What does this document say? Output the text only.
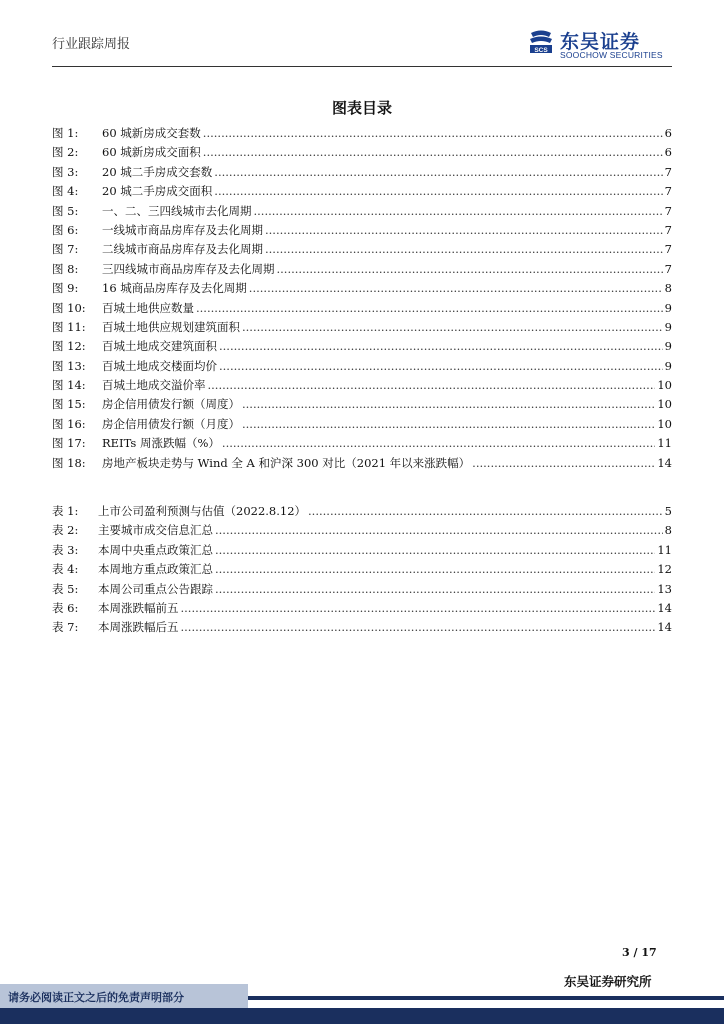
行业跟踪周报	SCS 东吴证券
SOOCHOW SECURITIES
图表目录
图 1:	60 城新房成交套数 .....	6
图 2:	60 城新房成交面积 .....	6
图 3:	20 城二手房成交套数 .....	7
图 4:	20 城二手房成交面积 .....	7
图 5:	一、二、三四线城市去化周期 .....	7
图 6:	一线城市商品房库存及去化周期 .....	7
图 7:	二线城市商品房库存及去化周期 .....	7
图 8:	三四线城市商品房库存及去化周期 .....	7
图 9:	16 城商品房库存及去化周期 .....	8
图 10:	百城土地供应数量 .....	9
图 11:	百城土地供应规划建筑面积 .....	9
图 12:	百城土地成交建筑面积 .....	9
图 13:	百城土地成交楼面均价 .....	9
图 14:	百城土地成交溢价率 .....	10
图 15:	房企信用债发行额（周度） .....	10
图 16:	房企信用债发行额（月度） .....	10
图 17:	REITs 周涨跌幅（%） .....	11
图 18:	房地产板块走势与 Wind 全 A 和沪深 300 对比（2021 年以来涨跌幅） .....	14
表 1:	上市公司盈利预测与估值（2022.8.12） .....	5
表 2:	主要城市成交信息汇总 .....	8
表 3:	本周中央重点政策汇总 .....	11
表 4:	本周地方重点政策汇总 .....	12
表 5:	本周公司重点公告跟踪 .....	13
表 6:	本周涨跌幅前五 .....	14
表 7:	本周涨跌幅后五 .....	14
3 / 17
东吴证券研究所
请务必阅读正文之后的免责声明部分
